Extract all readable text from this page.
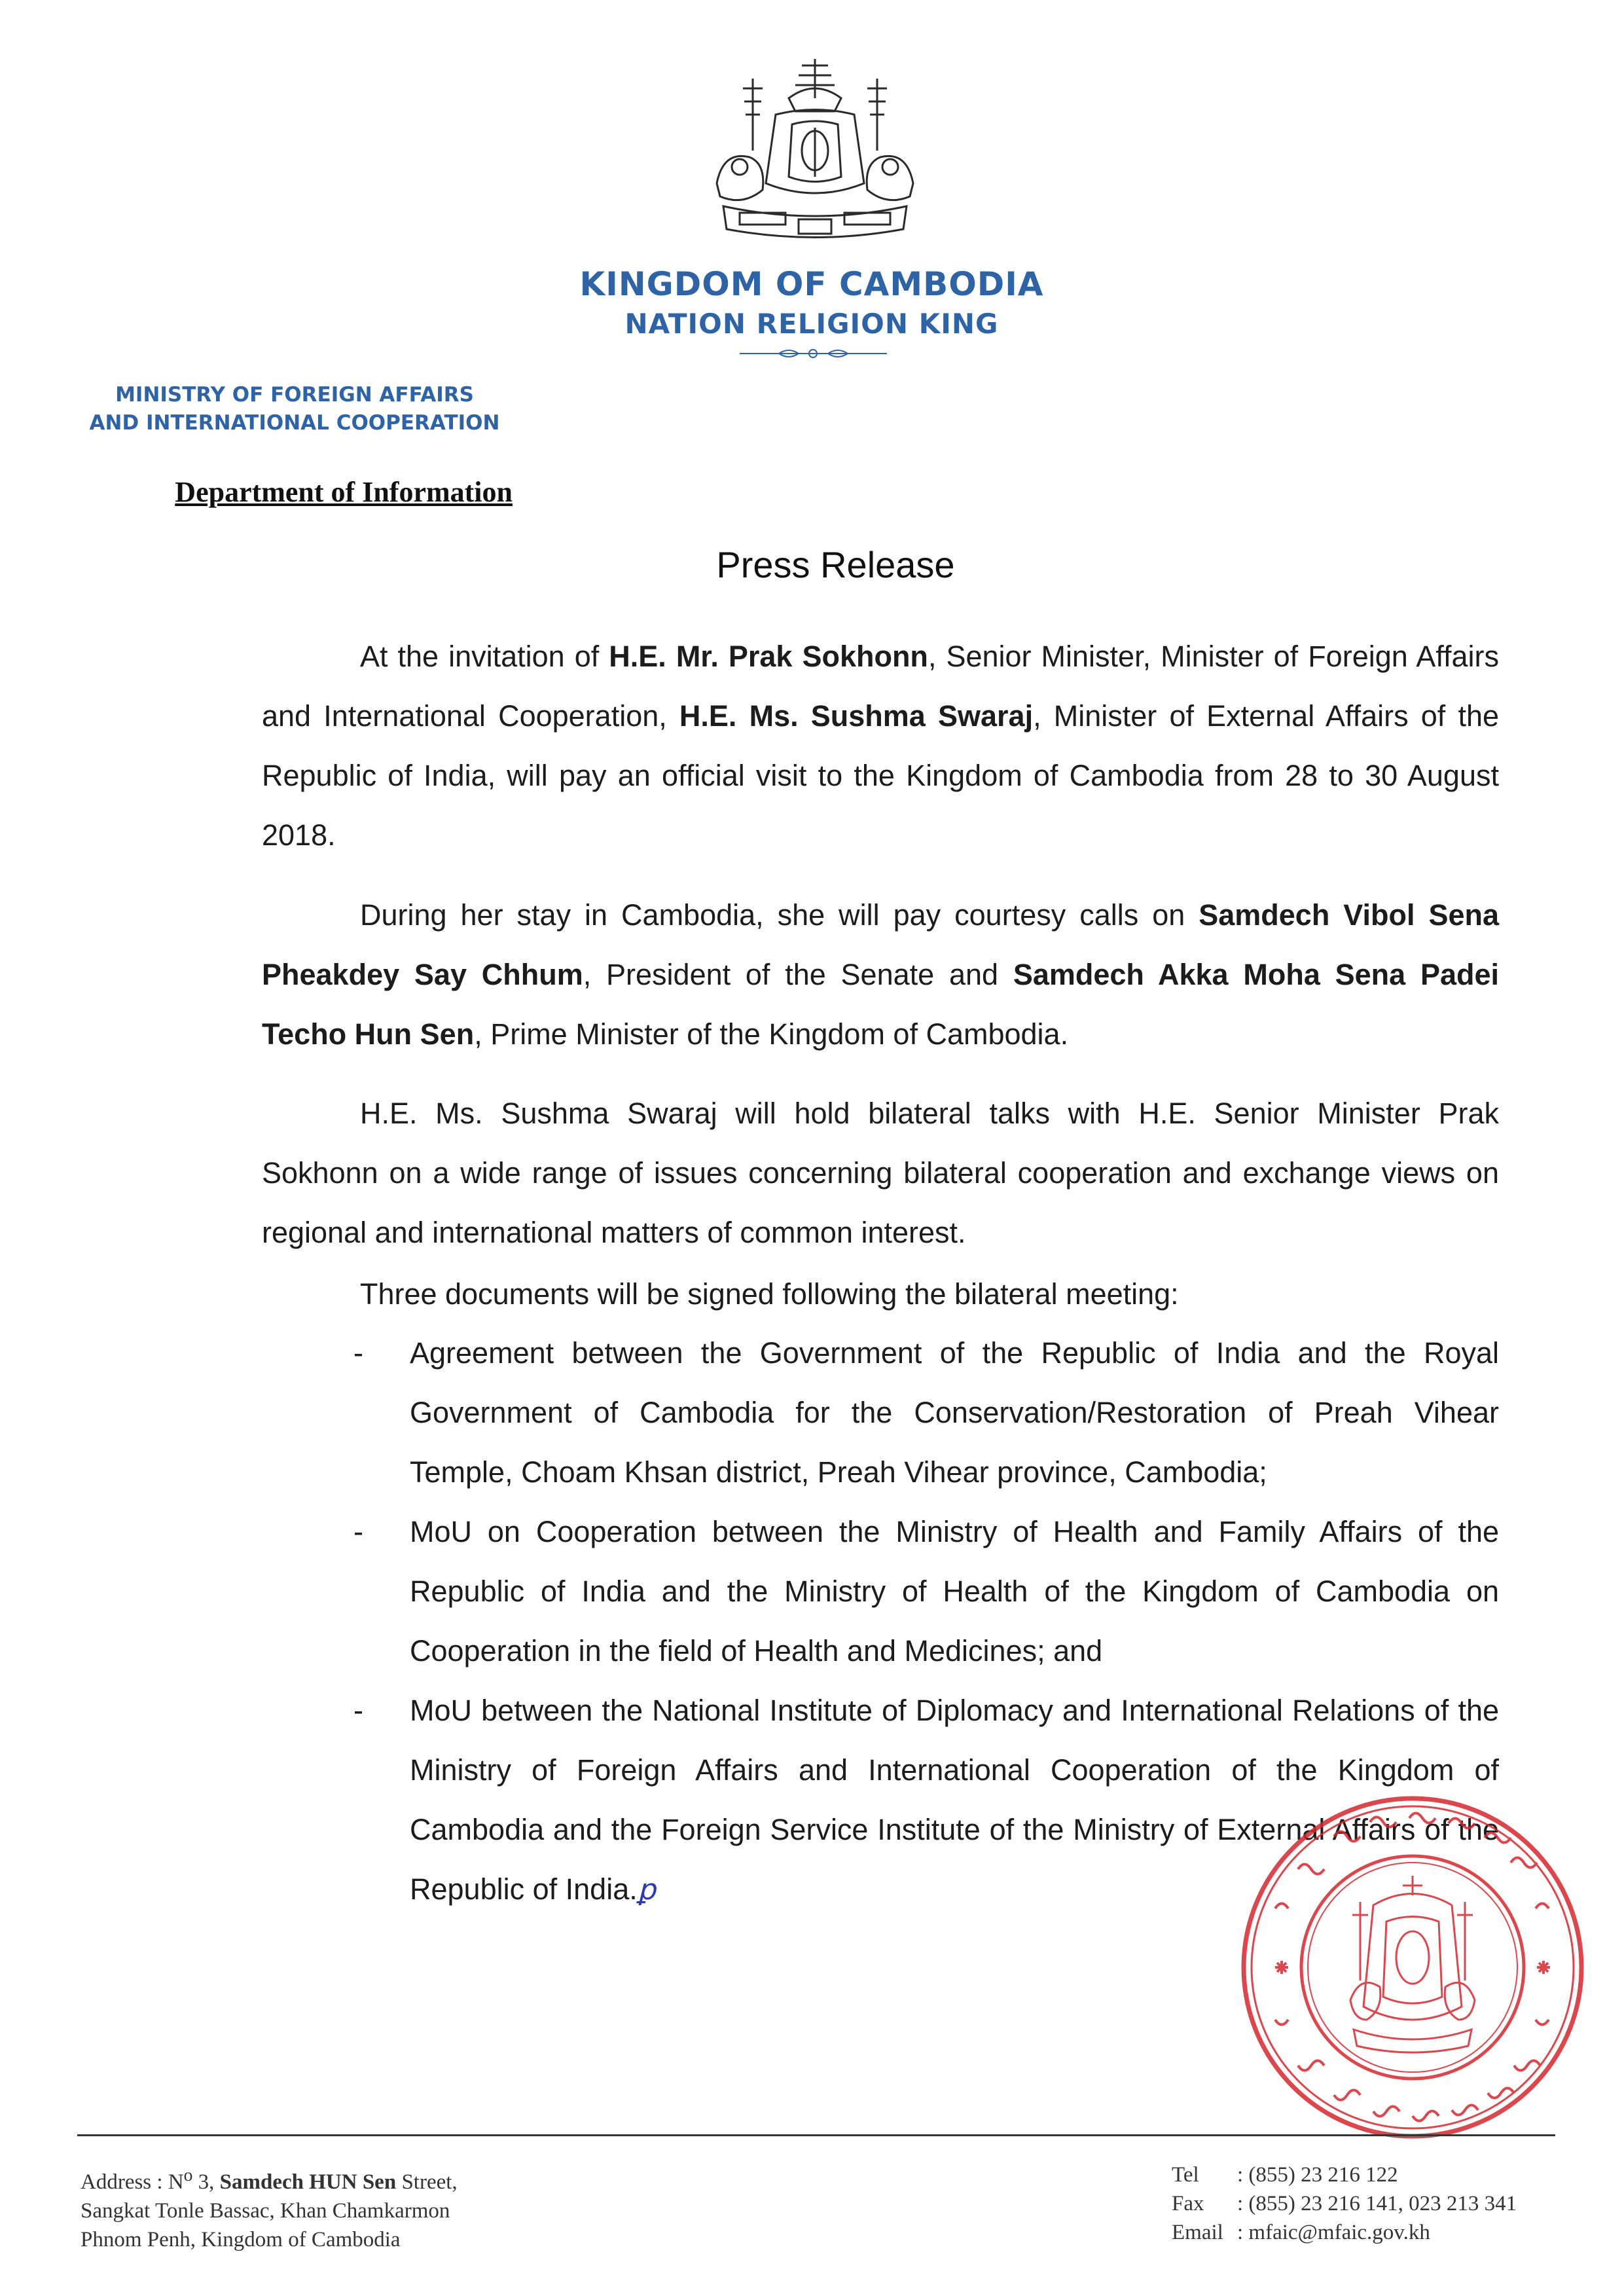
KINGDOM OF CAMBODIA
NATION RELIGION KING
MINISTRY OF FOREIGN AFFAIRS
AND INTERNATIONAL COOPERATION
Department of Information
Press Release
At the invitation of H.E. Mr. Prak Sokhonn, Senior Minister, Minister of Foreign Affairs and International Cooperation, H.E. Ms. Sushma Swaraj, Minister of External Affairs of the Republic of India, will pay an official visit to the Kingdom of Cambodia from 28 to 30 August 2018.
During her stay in Cambodia, she will pay courtesy calls on Samdech Vibol Sena Pheakdey Say Chhum, President of the Senate and Samdech Akka Moha Sena Padei Techo Hun Sen, Prime Minister of the Kingdom of Cambodia.
H.E. Ms. Sushma Swaraj will hold bilateral talks with H.E. Senior Minister Prak Sokhonn on a wide range of issues concerning bilateral cooperation and exchange views on regional and international matters of common interest.
Three documents will be signed following the bilateral meeting:
- Agreement between the Government of the Republic of India and the Royal Government of Cambodia for the Conservation/Restoration of Preah Vihear Temple, Choam Khsan district, Preah Vihear province, Cambodia;
- MoU on Cooperation between the Ministry of Health and Family Affairs of the Republic of India and the Ministry of Health of the Kingdom of Cambodia on Cooperation in the field of Health and Medicines; and
- MoU between the National Institute of Diplomacy and International Relations of the Ministry of Foreign Affairs and International Cooperation of the Kingdom of Cambodia and the Foreign Service Institute of the Ministry of External Affairs of the Republic of India.ꝑ
Address : $N^o$ 3, Samdech HUN Sen Street,
Sangkat Tonle Bassac, Khan Chamkarmon
Phnom Penh, Kingdom of Cambodia
Tel	: (855) 23 216 122
Fax	: (855) 23 216 141, 023 213 341
Email : mfaic@mfaic.gov.kh
